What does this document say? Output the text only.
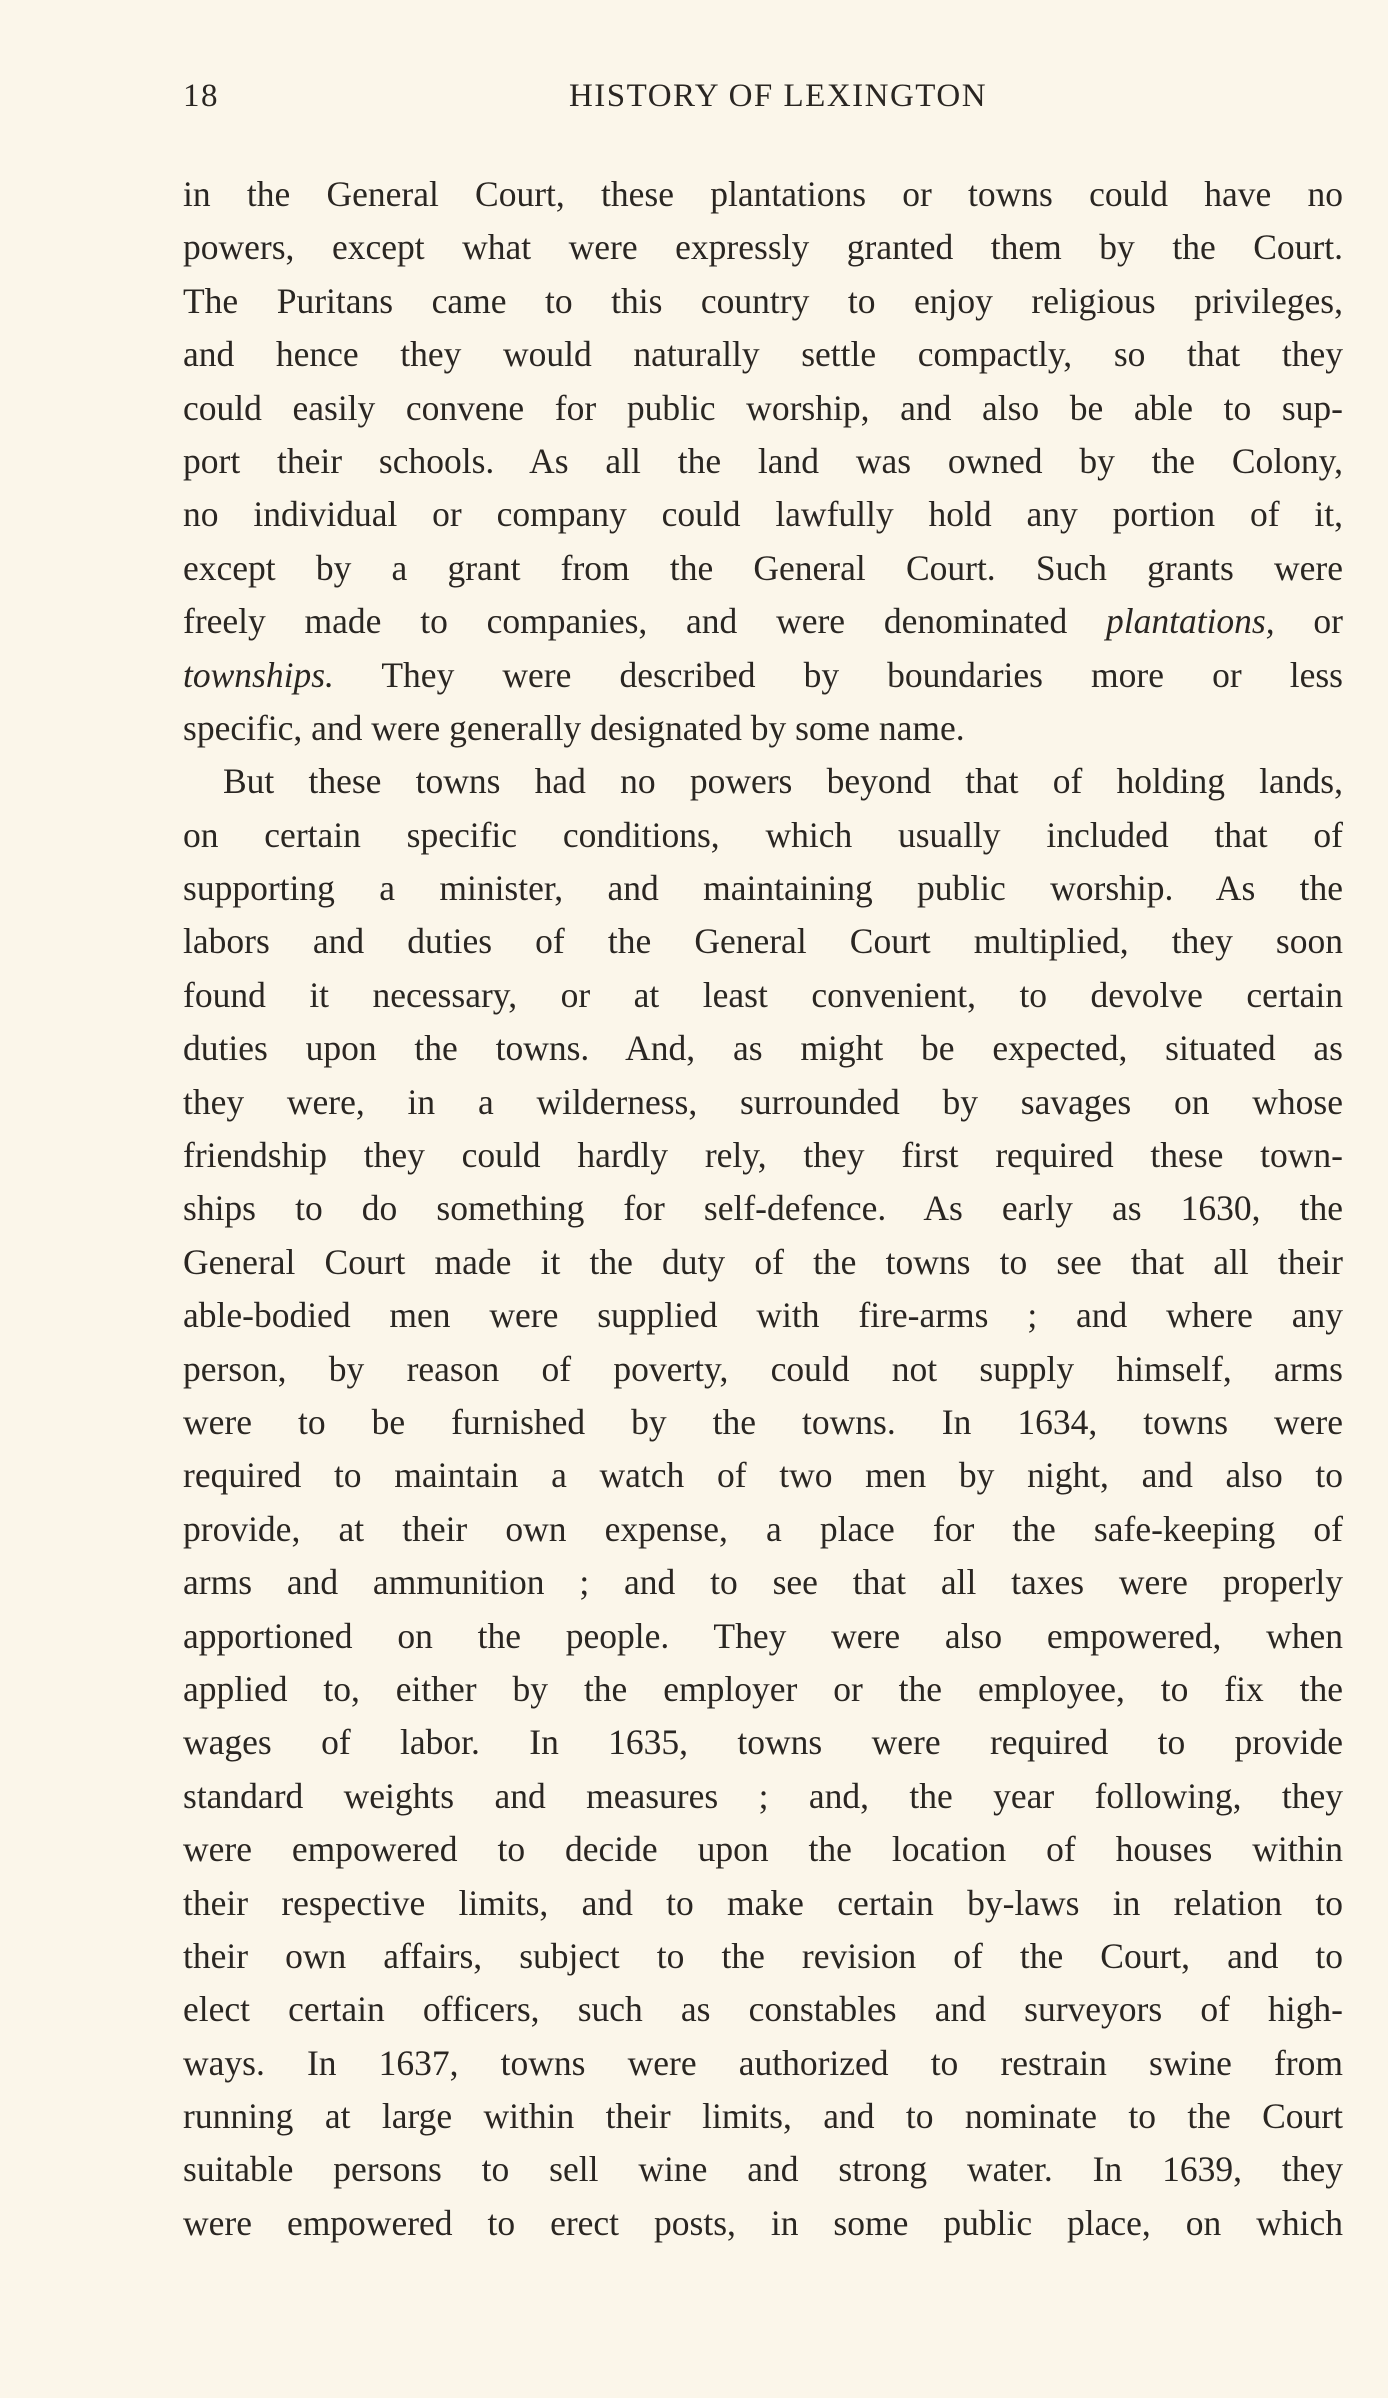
18	HISTORY OF LEXINGTON
in the General Court, these plantations or towns could have no
powers, except what were expressly granted them by the Court.
The Puritans came to this country to enjoy religious privileges,
and hence they would naturally settle compactly, so that they
could easily convene for public worship, and also be able to sup-
port their schools. As all the land was owned by the Colony,
no individual or company could lawfully hold any portion of it,
except by a grant from the General Court. Such grants were
freely made to companies, and were denominated plantations, or
townships. They were described by boundaries more or less
specific, and were generally designated by some name.
But these towns had no powers beyond that of holding lands,
on certain specific conditions, which usually included that of
supporting a minister, and maintaining public worship. As the
labors and duties of the General Court multiplied, they soon
found it necessary, or at least convenient, to devolve certain
duties upon the towns. And, as might be expected, situated as
they were, in a wilderness, surrounded by savages on whose
friendship they could hardly rely, they first required these town-
ships to do something for self-defence. As early as 1630, the
General Court made it the duty of the towns to see that all their
able-bodied men were supplied with fire-arms ; and where any
person, by reason of poverty, could not supply himself, arms
were to be furnished by the towns. In 1634, towns were
required to maintain a watch of two men by night, and also to
provide, at their own expense, a place for the safe-keeping of
arms and ammunition ; and to see that all taxes were properly
apportioned on the people. They were also empowered, when
applied to, either by the employer or the employee, to fix the
wages of labor. In 1635, towns were required to provide
standard weights and measures ; and, the year following, they
were empowered to decide upon the location of houses within
their respective limits, and to make certain by-laws in relation to
their own affairs, subject to the revision of the Court, and to
elect certain officers, such as constables and surveyors of high-
ways. In 1637, towns were authorized to restrain swine from
running at large within their limits, and to nominate to the Court
suitable persons to sell wine and strong water. In 1639, they
were empowered to erect posts, in some public place, on which
